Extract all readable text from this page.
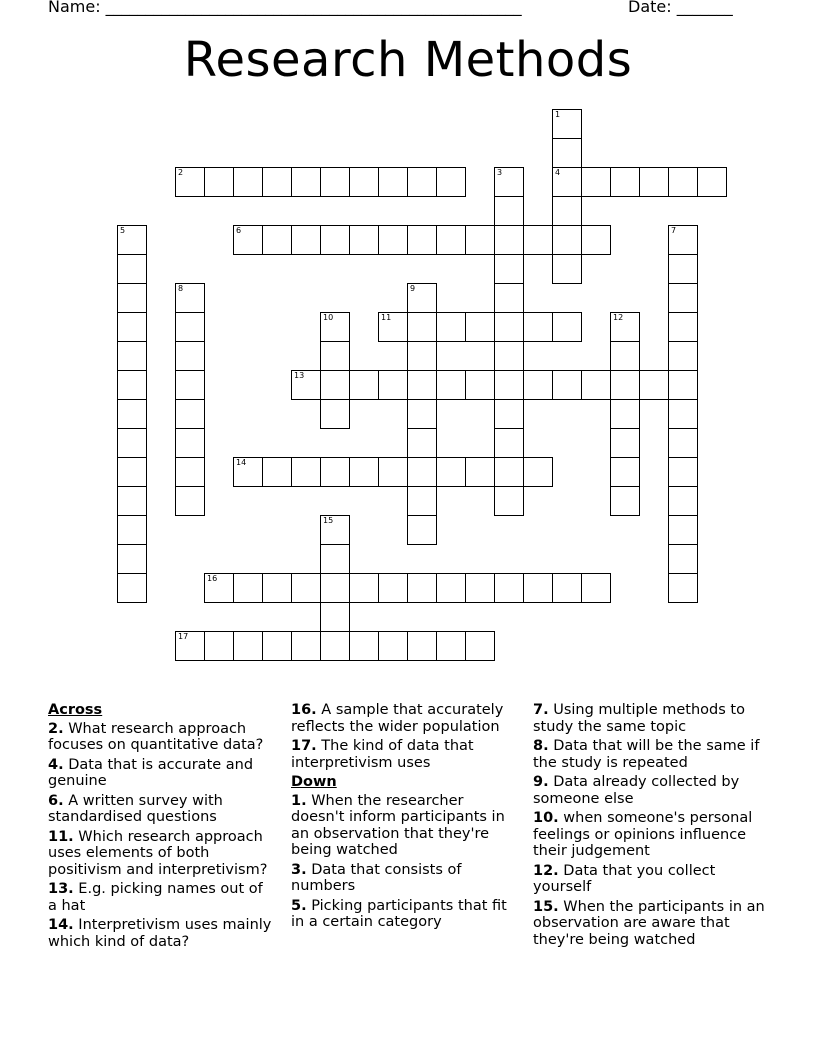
Name: ____________________________________________________	Date: _______
Research Methods
1
4
2	3
5	6	7
8	9
10	11	12
13
14
15
16
17
Across
2. What research approach focuses on quantitative data?
4. Data that is accurate and genuine
6. A written survey with standardised questions
11. Which research approach uses elements of both positivism and interpretivism?
13. E.g. picking names out of a hat
14. Interpretivism uses mainly which kind of data?
16. A sample that accurately reflects the wider population
17. The kind of data that interpretivism uses
Down
1. When the researcher doesn't inform participants in an observation that they're being watched
3. Data that consists of numbers
5. Picking participants that fit in a certain category
7. Using multiple methods to study the same topic
8. Data that will be the same if the study is repeated
9. Data already collected by someone else
10. when someone's personal feelings or opinions influence their judgement
12. Data that you collect yourself
15. When the participants in an observation are aware that they're being watched
